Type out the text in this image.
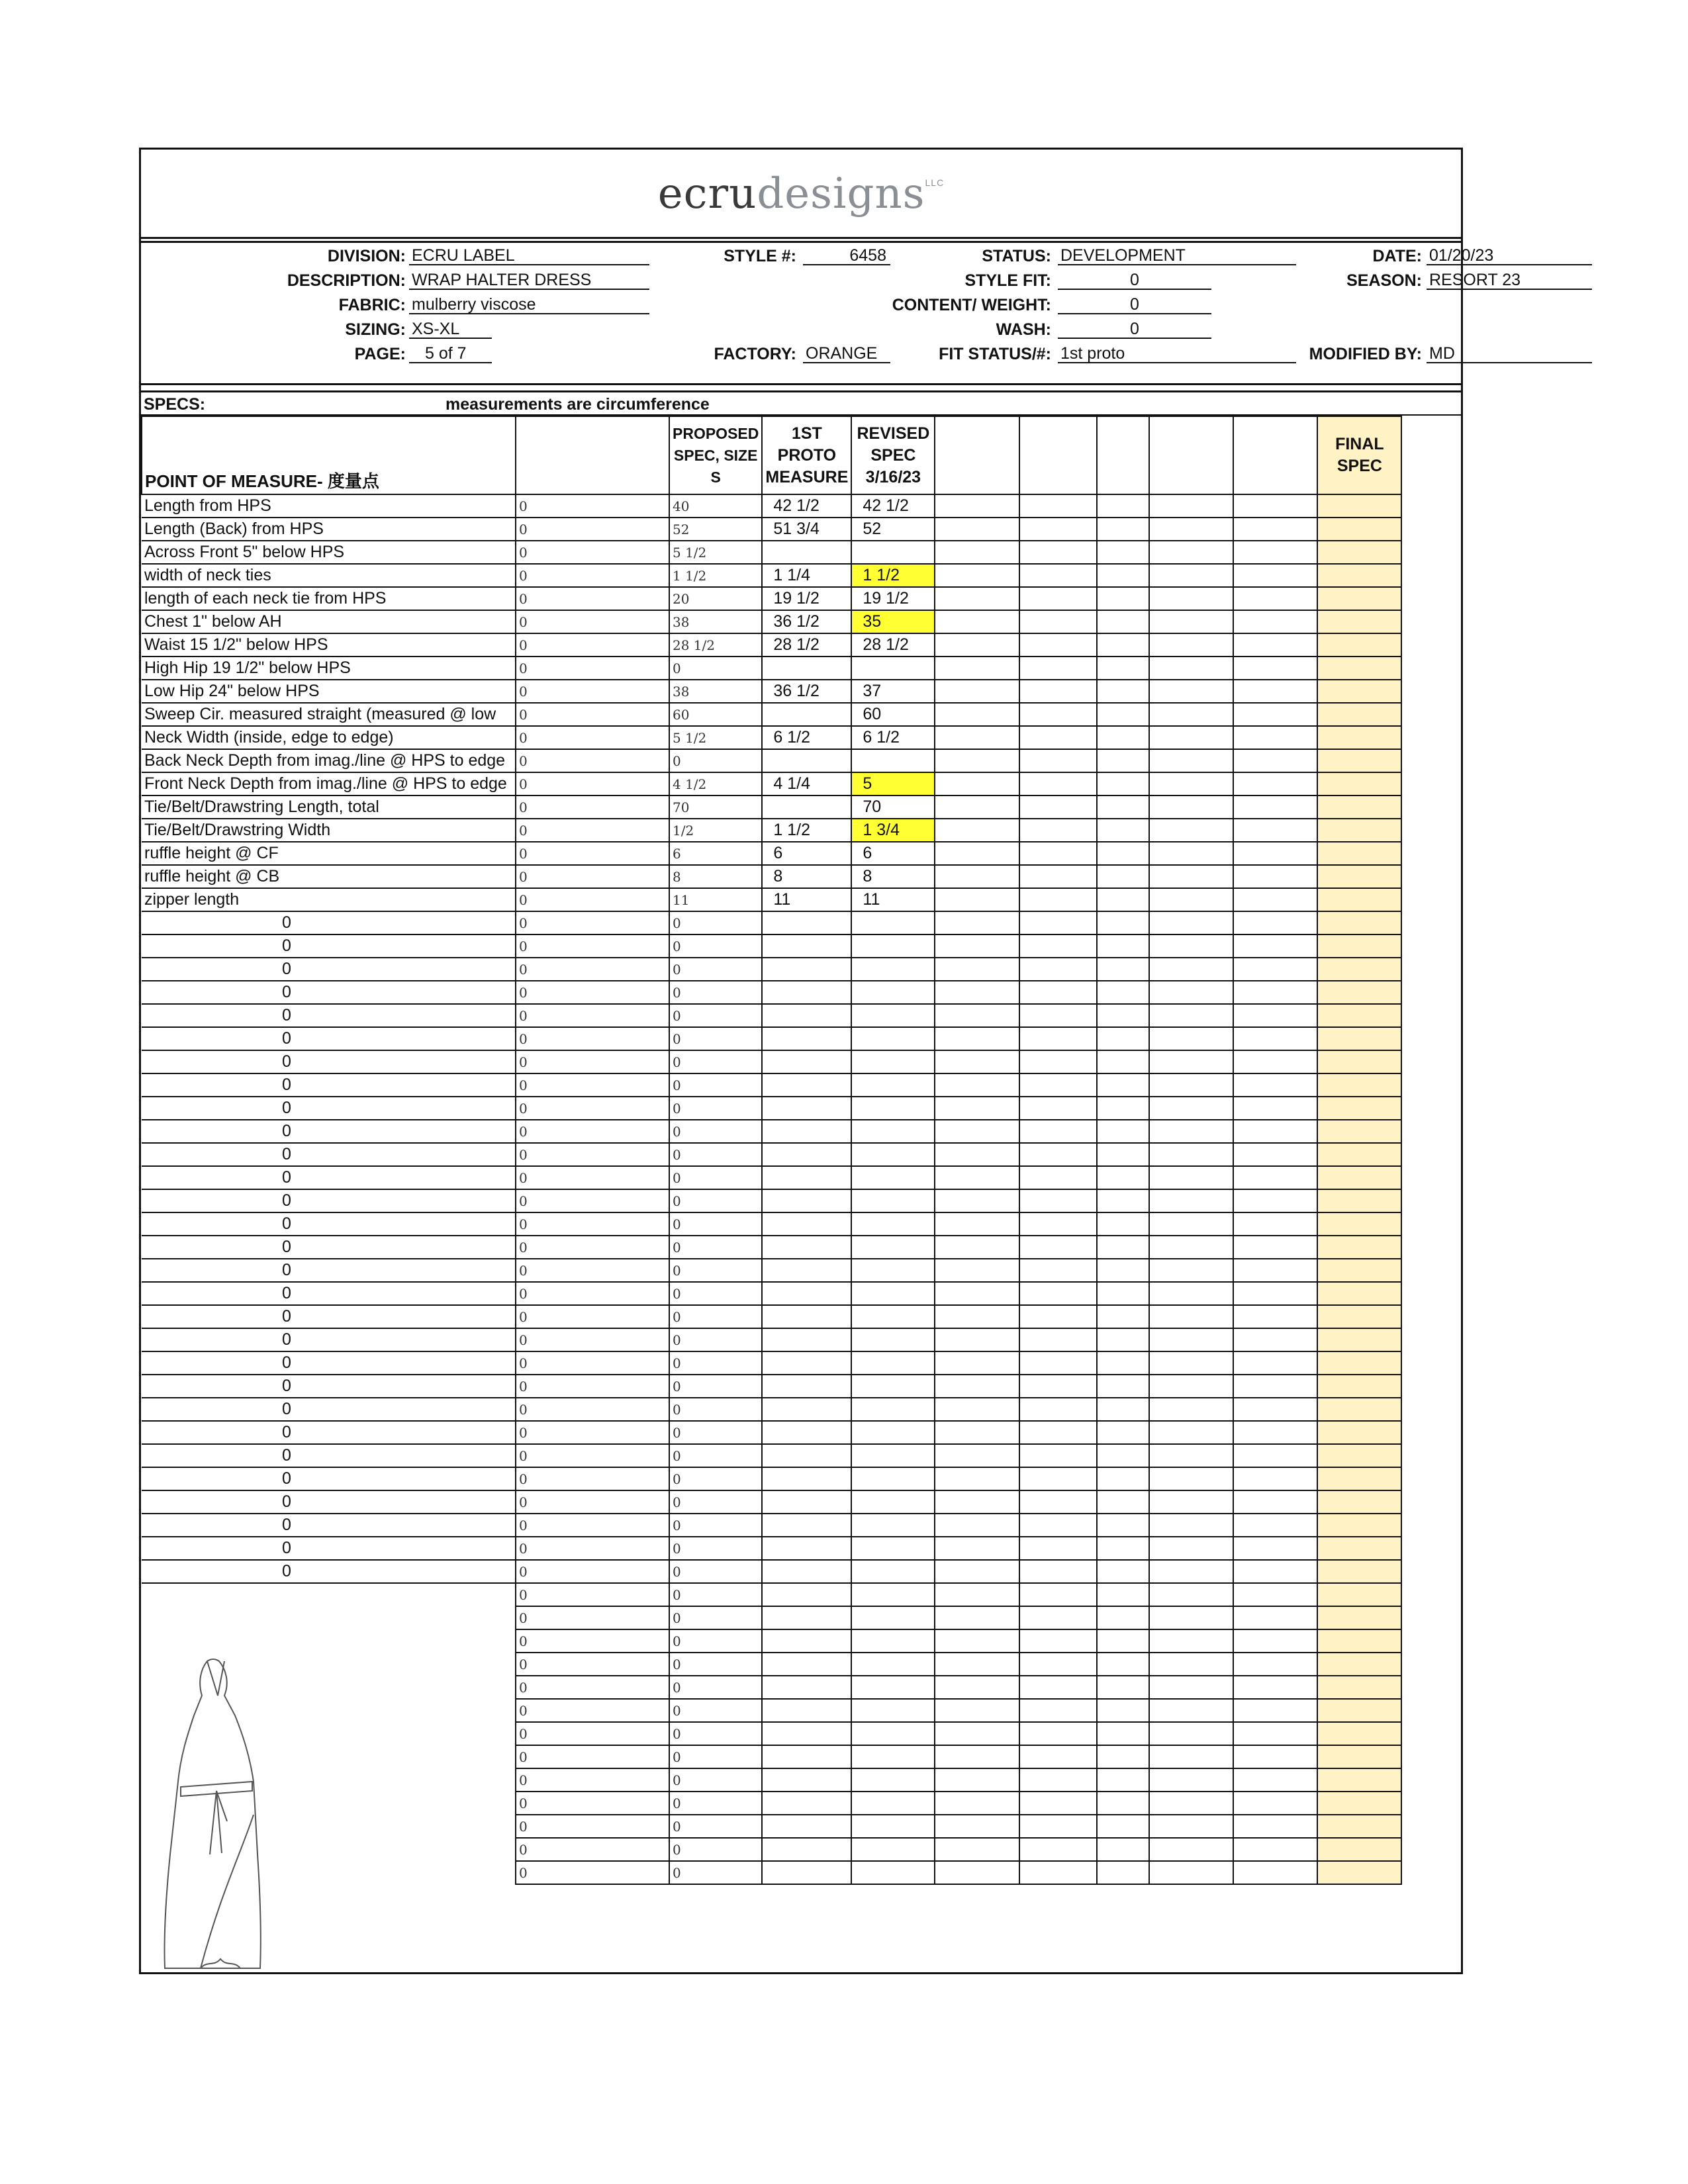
ecrudesigns$^{LLC}$
DIVISION: ECRU LABEL
DESCRIPTION: WRAP HALTER DRESS
FABRIC: mulberry viscose
SIZING: XS-XL
PAGE:	5 of 7
STYLE #:	6458
FACTORY: ORANGE
STATUS: DEVELOPMENT
STYLE FIT:	0
CONTENT/ WEIGHT:	0
WASH:	0
FIT STATUS/#: 1st proto
DATE: 01/20/23
SEASON: RESORT 23
MODIFIED BY: MD
SPECS:	measurements are circumference
POINT OF MEASURE- 度量点		PROPOSED SPEC, SIZE S	1ST PROTO MEASURE	REVISED SPEC 3/16/23						FINAL SPEC
Length from HPS	0	40	42 1/2	42 1/2						
Length (Back) from HPS	0	52	51 3/4	52						
Across Front 5" below HPS	0	5 1/2								
width of neck ties	0	1 1/2	1 1/4	1 1/2						
length of each neck tie from HPS	0	20	19 1/2	19 1/2						
Chest 1" below AH	0	38	36 1/2	35						
Waist 15 1/2" below HPS	0	28 1/2	28 1/2	28 1/2						
High Hip 19 1/2" below HPS	0	0								
Low Hip 24" below HPS	0	38	36 1/2	37						
Sweep Cir. measured straight (measured @ low	0	60		60						
Neck Width (inside, edge to edge)	0	5 1/2	6 1/2	6 1/2						
Back Neck Depth from imag./line @ HPS to edge	0	0								
Front Neck Depth from imag./line @ HPS to edge	0	4 1/2	4 1/4	5						
Tie/Belt/Drawstring Length, total	0	70		70						
Tie/Belt/Drawstring Width	0	1/2	1 1/2	1 3/4						
ruffle height @ CF	0	6	6	6						
ruffle height @ CB	0	8	8	8						
zipper length	0	11	11	11						
0	0	0								
0	0	0								
0	0	0								
0	0	0								
0	0	0								
0	0	0								
0	0	0								
0	0	0								
0	0	0								
0	0	0								
0	0	0								
0	0	0								
0	0	0								
0	0	0								
0	0	0								
0	0	0								
0	0	0								
0	0	0								
0	0	0								
0	0	0								
0	0	0								
0	0	0								
0	0	0								
0	0	0								
0	0	0								
0	0	0								
0	0	0								
0	0	0								
0	0	0								
	0	0								
	0	0								
	0	0								
	0	0								
	0	0								
	0	0								
	0	0								
	0	0								
	0	0								
	0	0								
	0	0								
	0	0								
	0	0								
